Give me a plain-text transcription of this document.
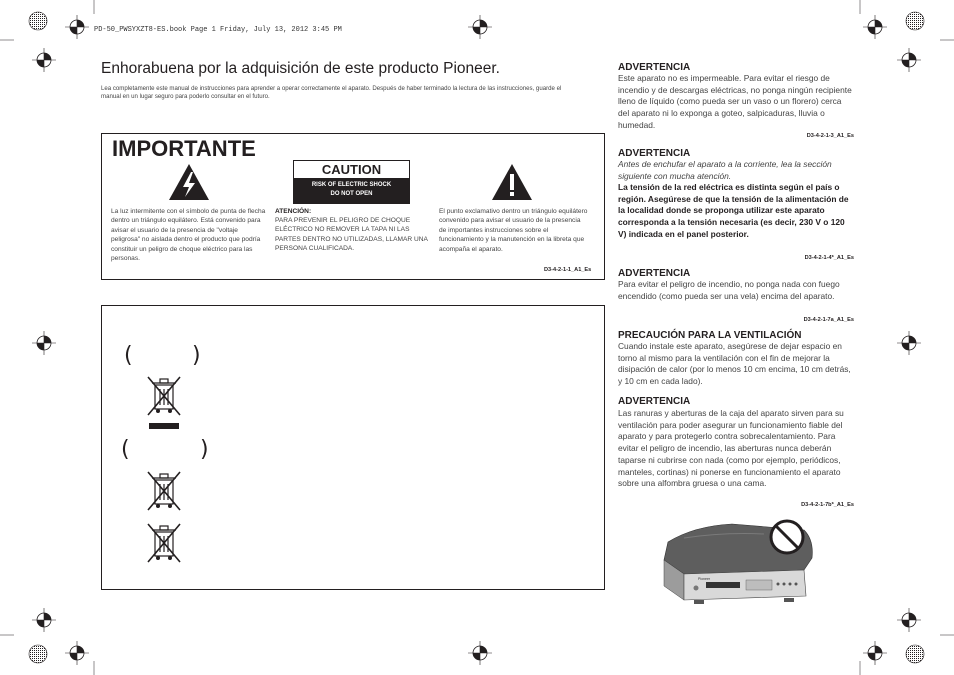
PD-50_PWSYXZT8-ES.book Page 1 Friday, July 13, 2012 3:45 PM
Enhorabuena por la adquisición de este producto Pioneer.
Lea completamente este manual de instrucciones para aprender a operar correctamente el aparato. Después de haber terminado la lectura de las instrucciones, guarde el manual en un lugar seguro para poderlo consultar en el futuro.
IMPORTANTE
CAUTION
RISK OF ELECTRIC SHOCK
DO NOT OPEN
La luz intermitente con el símbolo de punta de flecha dentro un triángulo equilátero. Está convenido para avisar el usuario de la presencia de "voltaje peligrosa" no aislada dentro el producto que podría constituir un peligro de choque eléctrico para las personas.
ATENCIÓN:
PARA PREVENIR EL PELIGRO DE CHOQUE ELÉCTRICO NO REMOVER LA TAPA NI LAS PARTES DENTRO NO UTILIZADAS, LLAMAR UNA PERSONA CUALIFICADA.
El punto exclamativo dentro un triángulo equilátero convenido para avisar el usuario de la presencia de importantes instrucciones sobre el funcionamiento y la manutención en la libreta que acompaña el aparato.
D3-4-2-1-1_A1_Es
(	)
(	)
ADVERTENCIA
Este aparato no es impermeable. Para evitar el riesgo de incendio y de descargas eléctricas, no ponga ningún recipiente lleno de líquido (como pueda ser un vaso o un florero) cerca del aparato ni lo exponga a goteo, salpicaduras, lluvia o humedad.
D3-4-2-1-3_A1_Es
ADVERTENCIA
Antes de enchufar el aparato a la corriente, lea la sección siguiente con mucha atención.
La tensión de la red eléctrica es distinta según el país o región. Asegúrese de que la tensión de la alimentación de la localidad donde se proponga utilizar este aparato corresponda a la tensión necesaria (es decir, 230 V o 120 V) indicada en el panel posterior.
D3-4-2-1-4*_A1_Es
ADVERTENCIA
Para evitar el peligro de incendio, no ponga nada con fuego encendido (como pueda ser una vela) encima del aparato.
D3-4-2-1-7a_A1_Es
PRECAUCIÓN PARA LA VENTILACIÓN
Cuando instale este aparato, asegúrese de dejar espacio en torno al mismo para la ventilación con el fin de mejorar la disipación de calor (por lo menos 10 cm encima, 10 cm detrás, y 10 cm en cada lado).
ADVERTENCIA
Las ranuras y aberturas de la caja del aparato sirven para su ventilación para poder asegurar un funcionamiento fiable del aparato y para protegerlo contra sobrecalentamiento. Para evitar el peligro de incendio, las aberturas nunca deberán taparse ni cubrirse con nada (como por ejemplo, periódicos, manteles, cortinas) ni ponerse en funcionamiento el aparato sobre una alfombra gruesa o una cama.
D3-4-2-1-7b*_A1_Es
Pioneer
